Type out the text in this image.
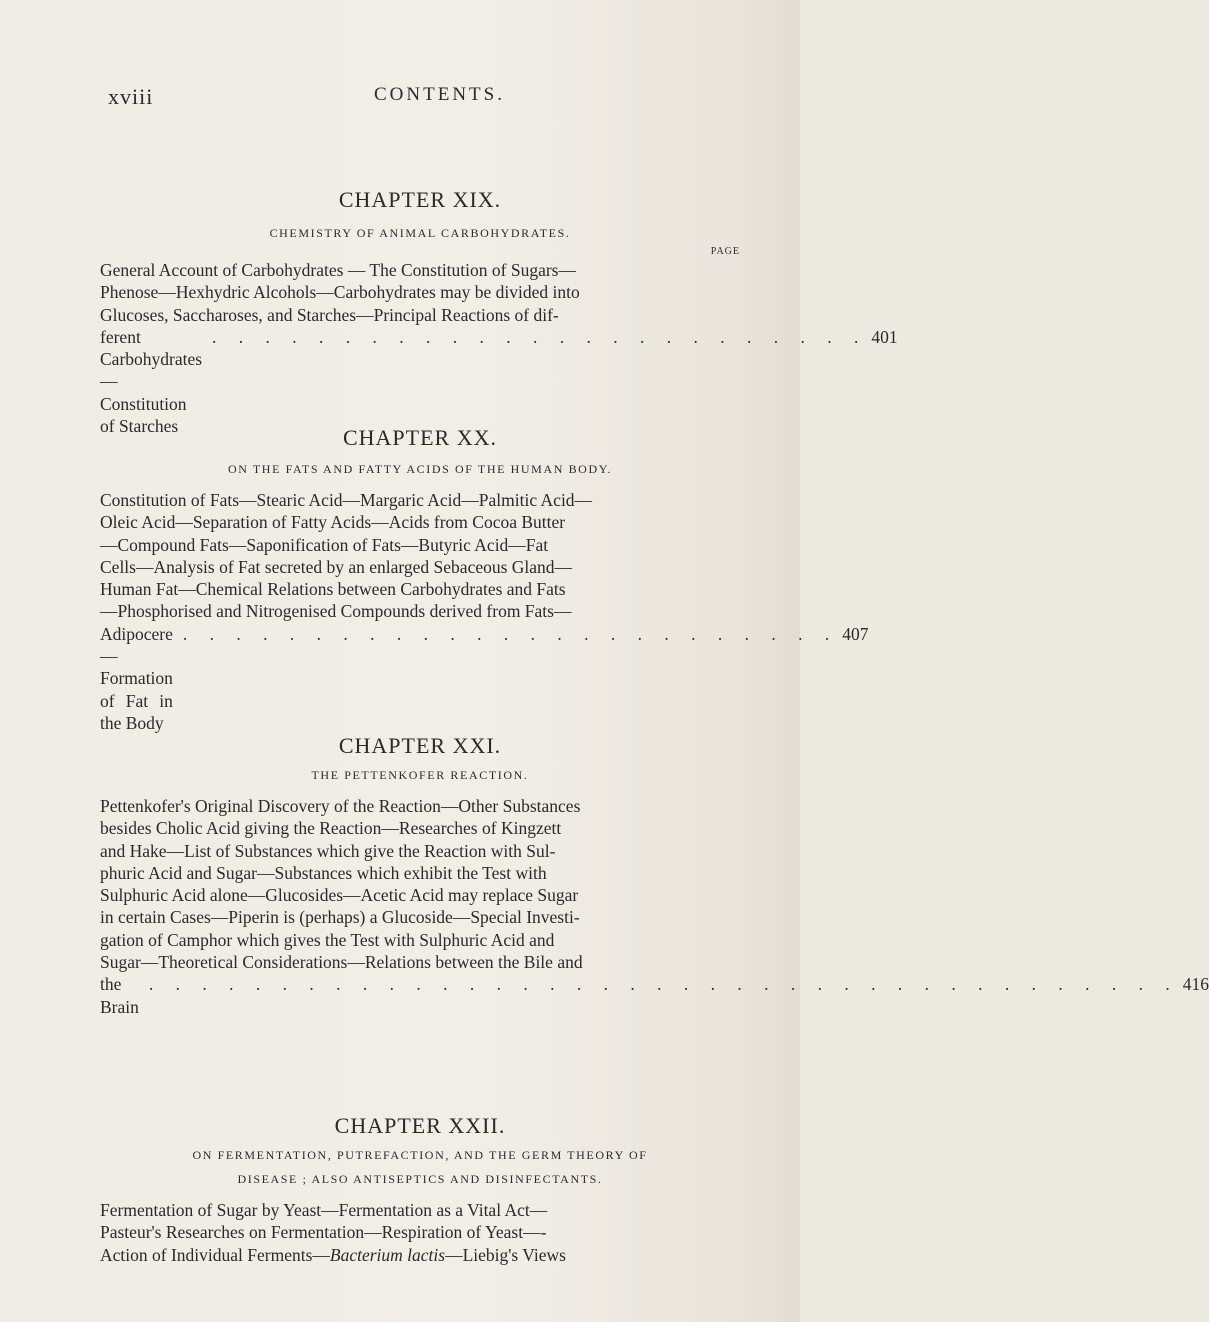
xviii	CONTENTS.

CHAPTER XIX.

CHEMISTRY OF ANIMAL CARBOHYDRATES.

PAGE

General Account of Carbohydrates — The Constitution of Sugars—
Phenose—Hexhydric Alcohols—Carbohydrates may be divided into
Glucoses, Saccharoses, and Starches—Principal Reactions of dif-
ferent Carbohydrates—Constitution of Starches
. . . . . . . . . . . . . . . . . . . . . . . . . 401

CHAPTER XX.

ON THE FATS AND FATTY ACIDS OF THE HUMAN BODY.

Constitution of Fats—Stearic Acid—Margaric Acid—Palmitic Acid—
Oleic Acid—Separation of Fatty Acids—Acids from Cocoa Butter
—Compound Fats—Saponification of Fats—Butyric Acid—Fat
Cells—Analysis of Fat secreted by an enlarged Sebaceous Gland—
Human Fat—Chemical Relations between Carbohydrates and Fats
—Phosphorised and Nitrogenised Compounds derived from Fats—
Adipocere—Formation of Fat in the Body
. . . . . . . . . . . . . . . . . . . . . . . . . 407

CHAPTER XXI.

THE PETTENKOFER REACTION.

Pettenkofer's Original Discovery of the Reaction—Other Substances
besides Cholic Acid giving the Reaction—Researches of Kingzett
and Hake—List of Substances which give the Reaction with Sul-
phuric Acid and Sugar—Substances which exhibit the Test with
Sulphuric Acid alone—Glucosides—Acetic Acid may replace Sugar
in certain Cases—Piperin is (perhaps) a Glucoside—Special Investi-
gation of Camphor which gives the Test with Sulphuric Acid and
Sugar—Theoretical Considerations—Relations between the Bile and
the Brain
. . . . . . . . . . . . . . . . . . . . . . . . . . . . . . . . . . . . . . . 416

CHAPTER XXII.

ON FERMENTATION, PUTREFACTION, AND THE GERM THEORY OF

DISEASE ; ALSO ANTISEPTICS AND DISINFECTANTS.

Fermentation of Sugar by Yeast—Fermentation as a Vital Act—
Pasteur's Researches on Fermentation—Respiration of Yeast—-
Action of Individual Ferments—Bacterium lactis—Liebig's Views
